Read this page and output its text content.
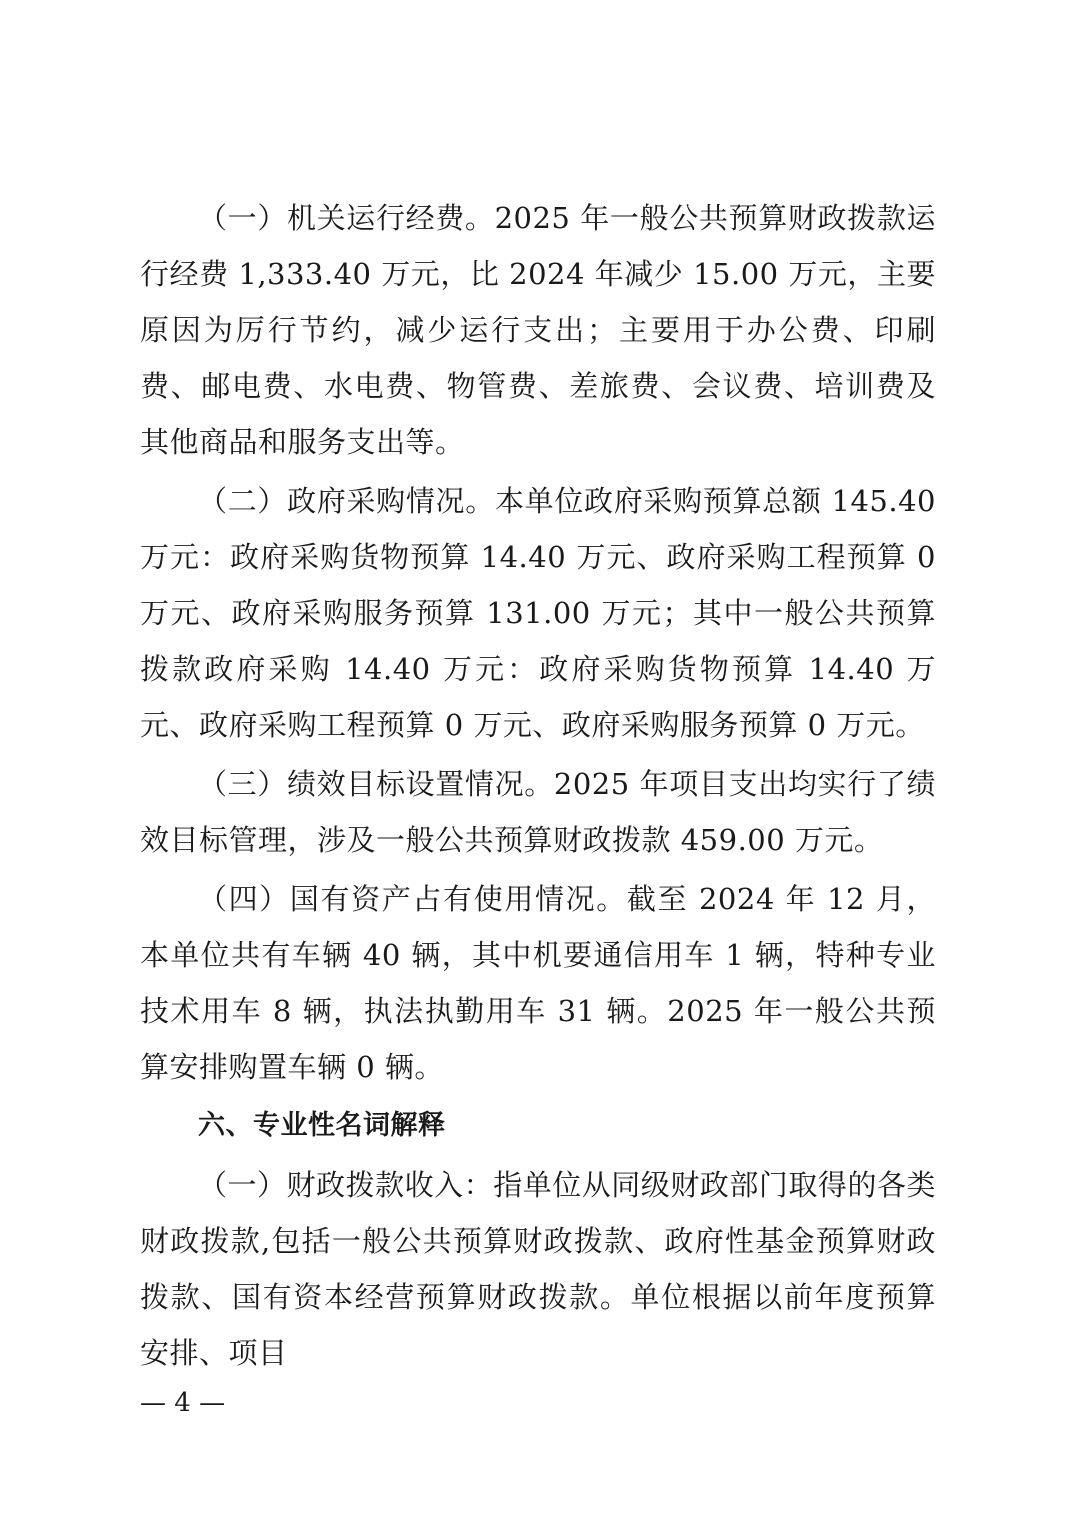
（一）机关运行经费。2025 年一般公共预算财政拨款运行经费 1,333.40 万元，比 2024 年减少 15.00 万元，主要原因为厉行节约，减少运行支出；主要用于办公费、印刷费、邮电费、水电费、物管费、差旅费、会议费、培训费及其他商品和服务支出等。

（二）政府采购情况。本单位政府采购预算总额 145.40 万元：政府采购货物预算 14.40 万元、政府采购工程预算 0 万元、政府采购服务预算 131.00 万元；其中一般公共预算拨款政府采购 14.40 万元：政府采购货物预算 14.40 万元、政府采购工程预算 0 万元、政府采购服务预算 0 万元。

（三）绩效目标设置情况。2025 年项目支出均实行了绩效目标管理，涉及一般公共预算财政拨款 459.00 万元。

（四）国有资产占有使用情况。截至 2024 年 12 月，本单位共有车辆 40 辆，其中机要通信用车 1 辆，特种专业技术用车 8 辆，执法执勤用车 31 辆。2025 年一般公共预算安排购置车辆 0 辆。

六、专业性名词解释

（一）财政拨款收入：指单位从同级财政部门取得的各类财政拨款,包括一般公共预算财政拨款、政府性基金预算财政拨款、国有资本经营预算财政拨款。单位根据以前年度预算安排、项目

— 4 —
